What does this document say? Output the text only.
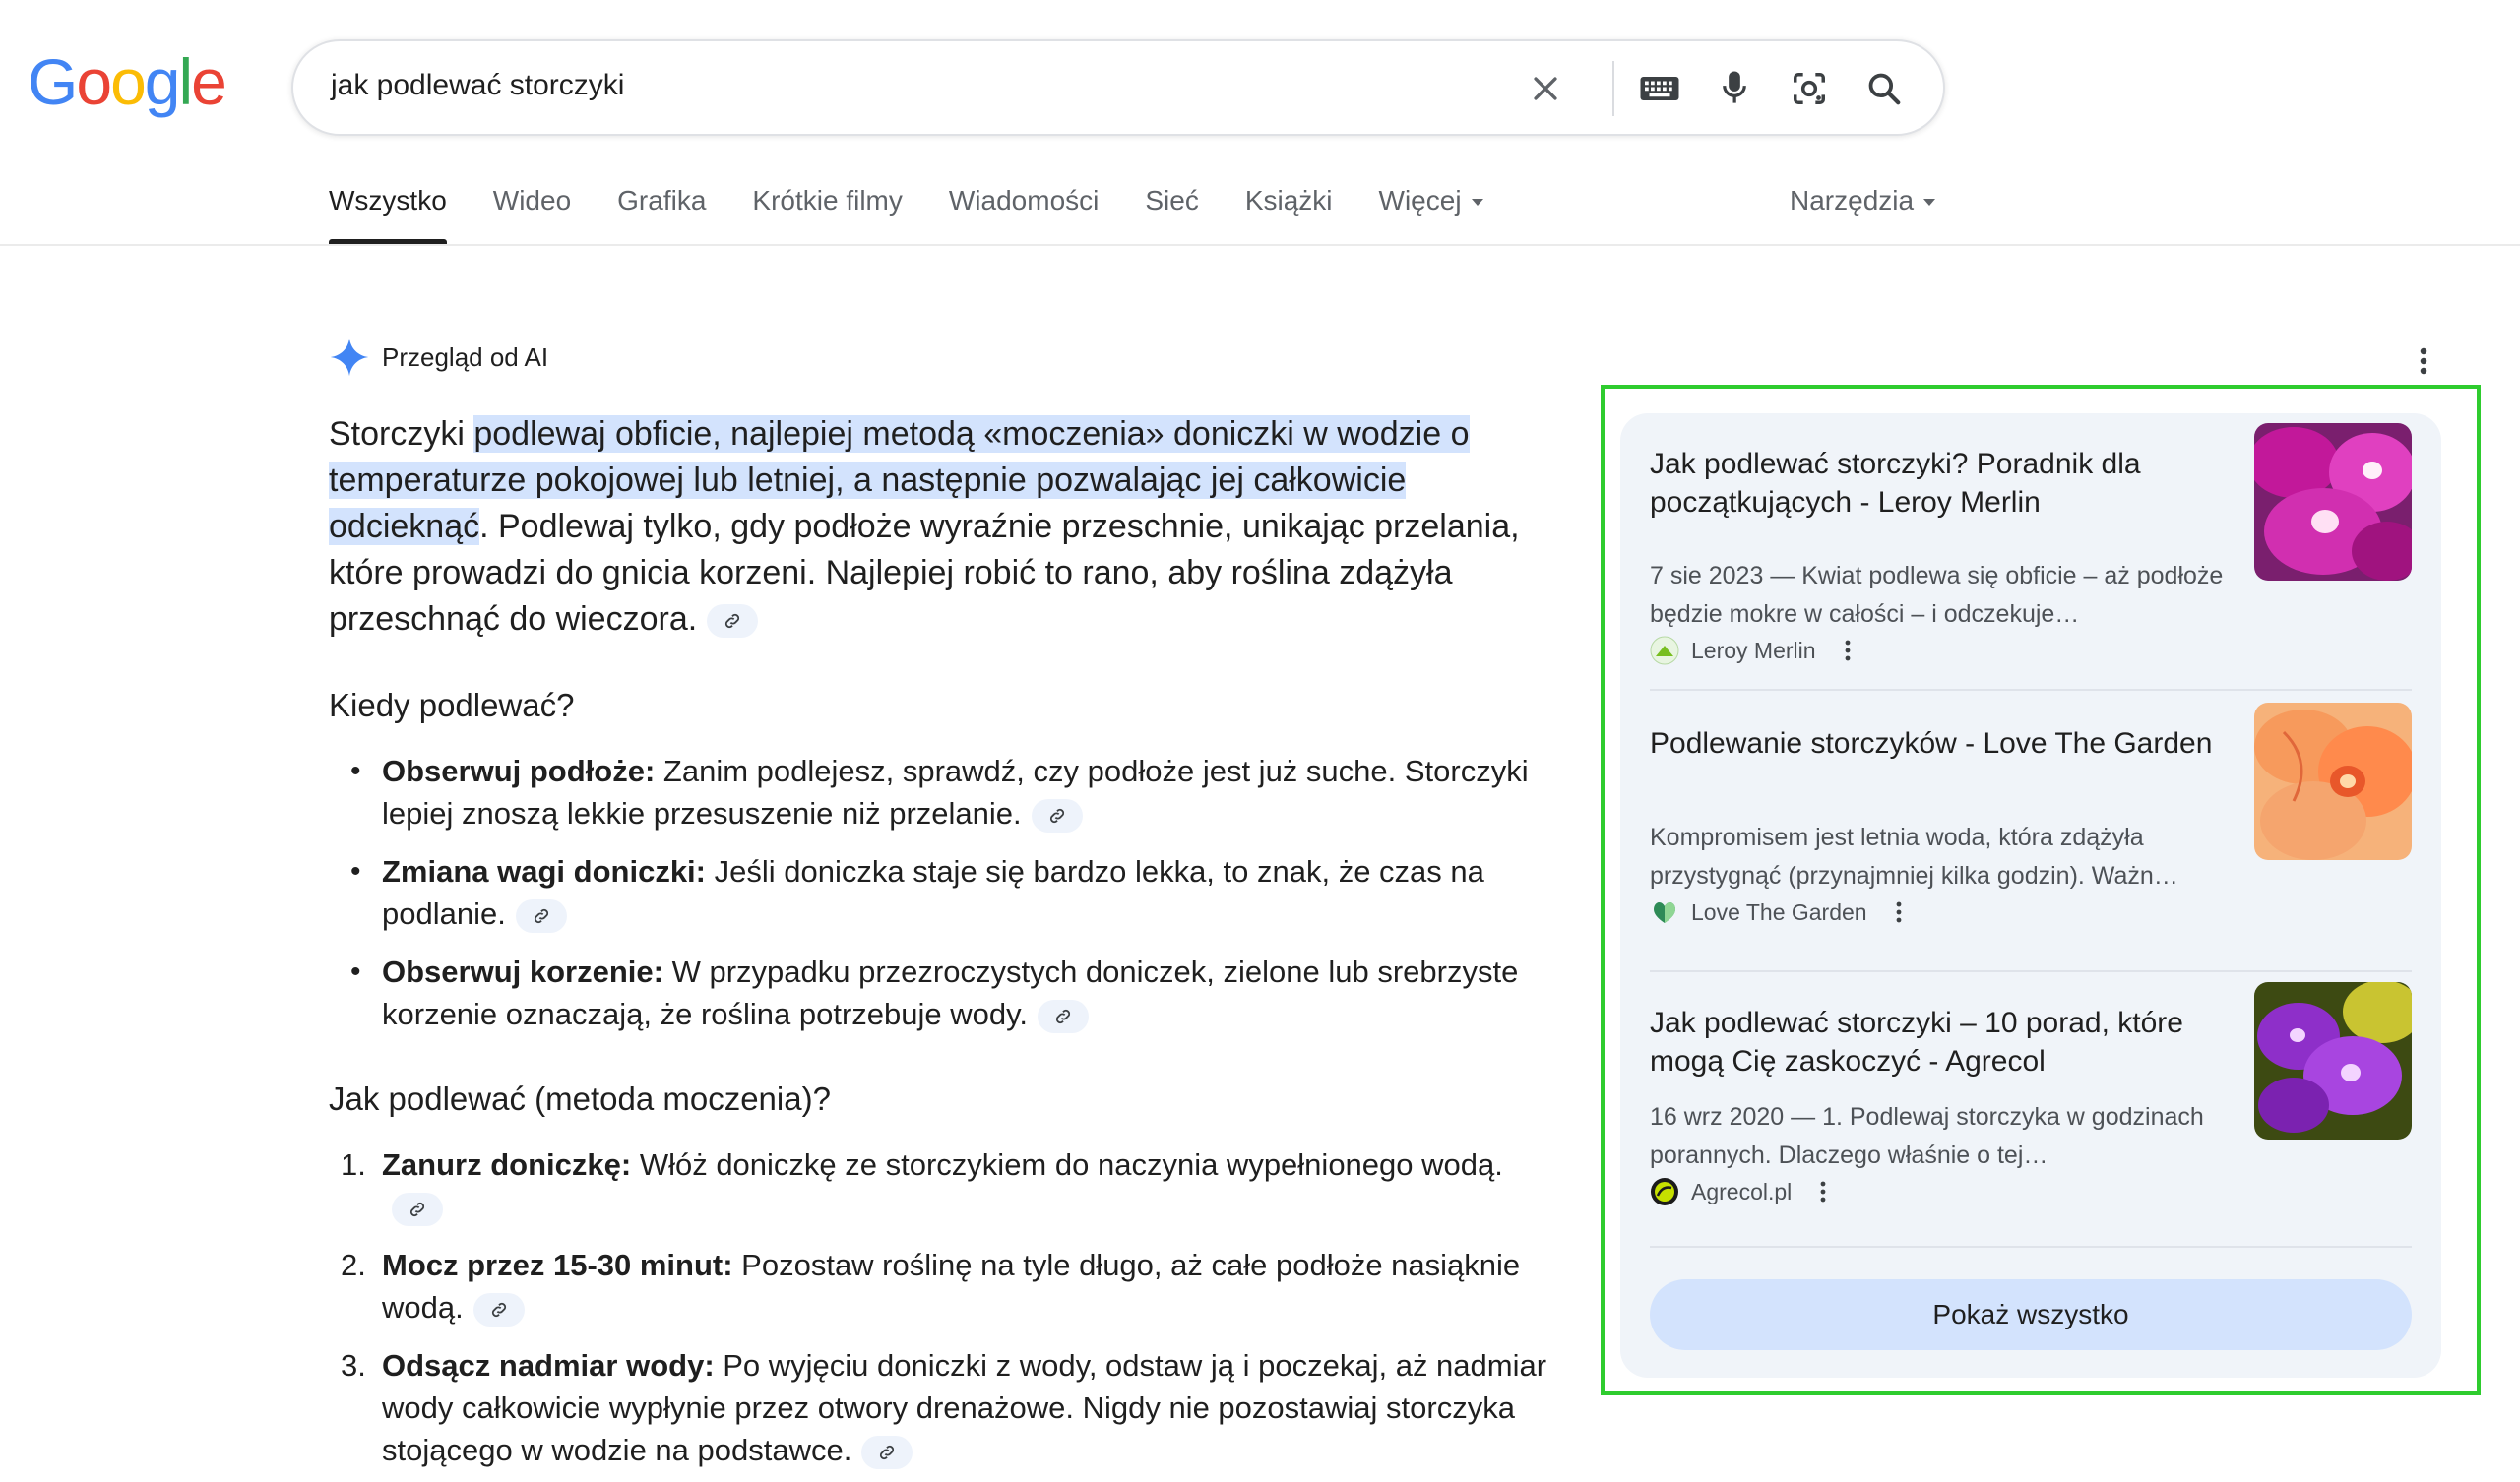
Google	jak podlewać storczyki
Wszystko Wideo Grafika Krótkie filmy Wiadomości Sieć Książki Więcej	Narzędzia
Przegląd od AI
Storczyki podlewaj obficie, najlepiej metodą «moczenia» doniczki w wodzie o temperaturze pokojowej lub letniej, a następnie pozwalając jej całkowicie odcieknąć. Podlewaj tylko, gdy podłoże wyraźnie przeschnie, unikając przelania, które prowadzi do gnicia korzeni. Najlepiej robić to rano, aby roślina zdążyła przeschnąć do wieczora.
Kiedy podlewać?
• Obserwuj podłoże: Zanim podlejesz, sprawdź, czy podłoże jest już suche. Storczyki lepiej znoszą lekkie przesuszenie niż przelanie.
• Zmiana wagi doniczki: Jeśli doniczka staje się bardzo lekka, to znak, że czas na podlanie.
• Obserwuj korzenie: W przypadku przezroczystych doniczek, zielone lub srebrzyste korzenie oznaczają, że roślina potrzebuje wody.
Jak podlewać (metoda moczenia)?
1. Zanurz doniczkę: Włóż doniczkę ze storczykiem do naczynia wypełnionego wodą.
2. Mocz przez 15-30 minut: Pozostaw roślinę na tyle długo, aż całe podłoże nasiąknie wodą.
3. Odsącz nadmiar wody: Po wyjęciu doniczki z wody, odstaw ją i poczekaj, aż nadmiar wody całkowicie wypłynie przez otwory drenażowe. Nigdy nie pozostawiaj storczyka stojącego w wodzie na podstawce.
Jak podlewać storczyki? Poradnik dla początkujących - Leroy Merlin
7 sie 2023 — Kwiat podlewa się obficie – aż podłoże będzie mokre w całości – i odczekuje…
Leroy Merlin
Podlewanie storczyków - Love The Garden
Kompromisem jest letnia woda, która zdążyła przystygnąć (przynajmniej kilka godzin). Ważn…
Love The Garden
Jak podlewać storczyki – 10 porad, które mogą Cię zaskoczyć - Agrecol
16 wrz 2020 — 1. Podlewaj storczyka w godzinach porannych. Dlaczego właśnie o tej…
Agrecol.pl
Pokaż wszystko
